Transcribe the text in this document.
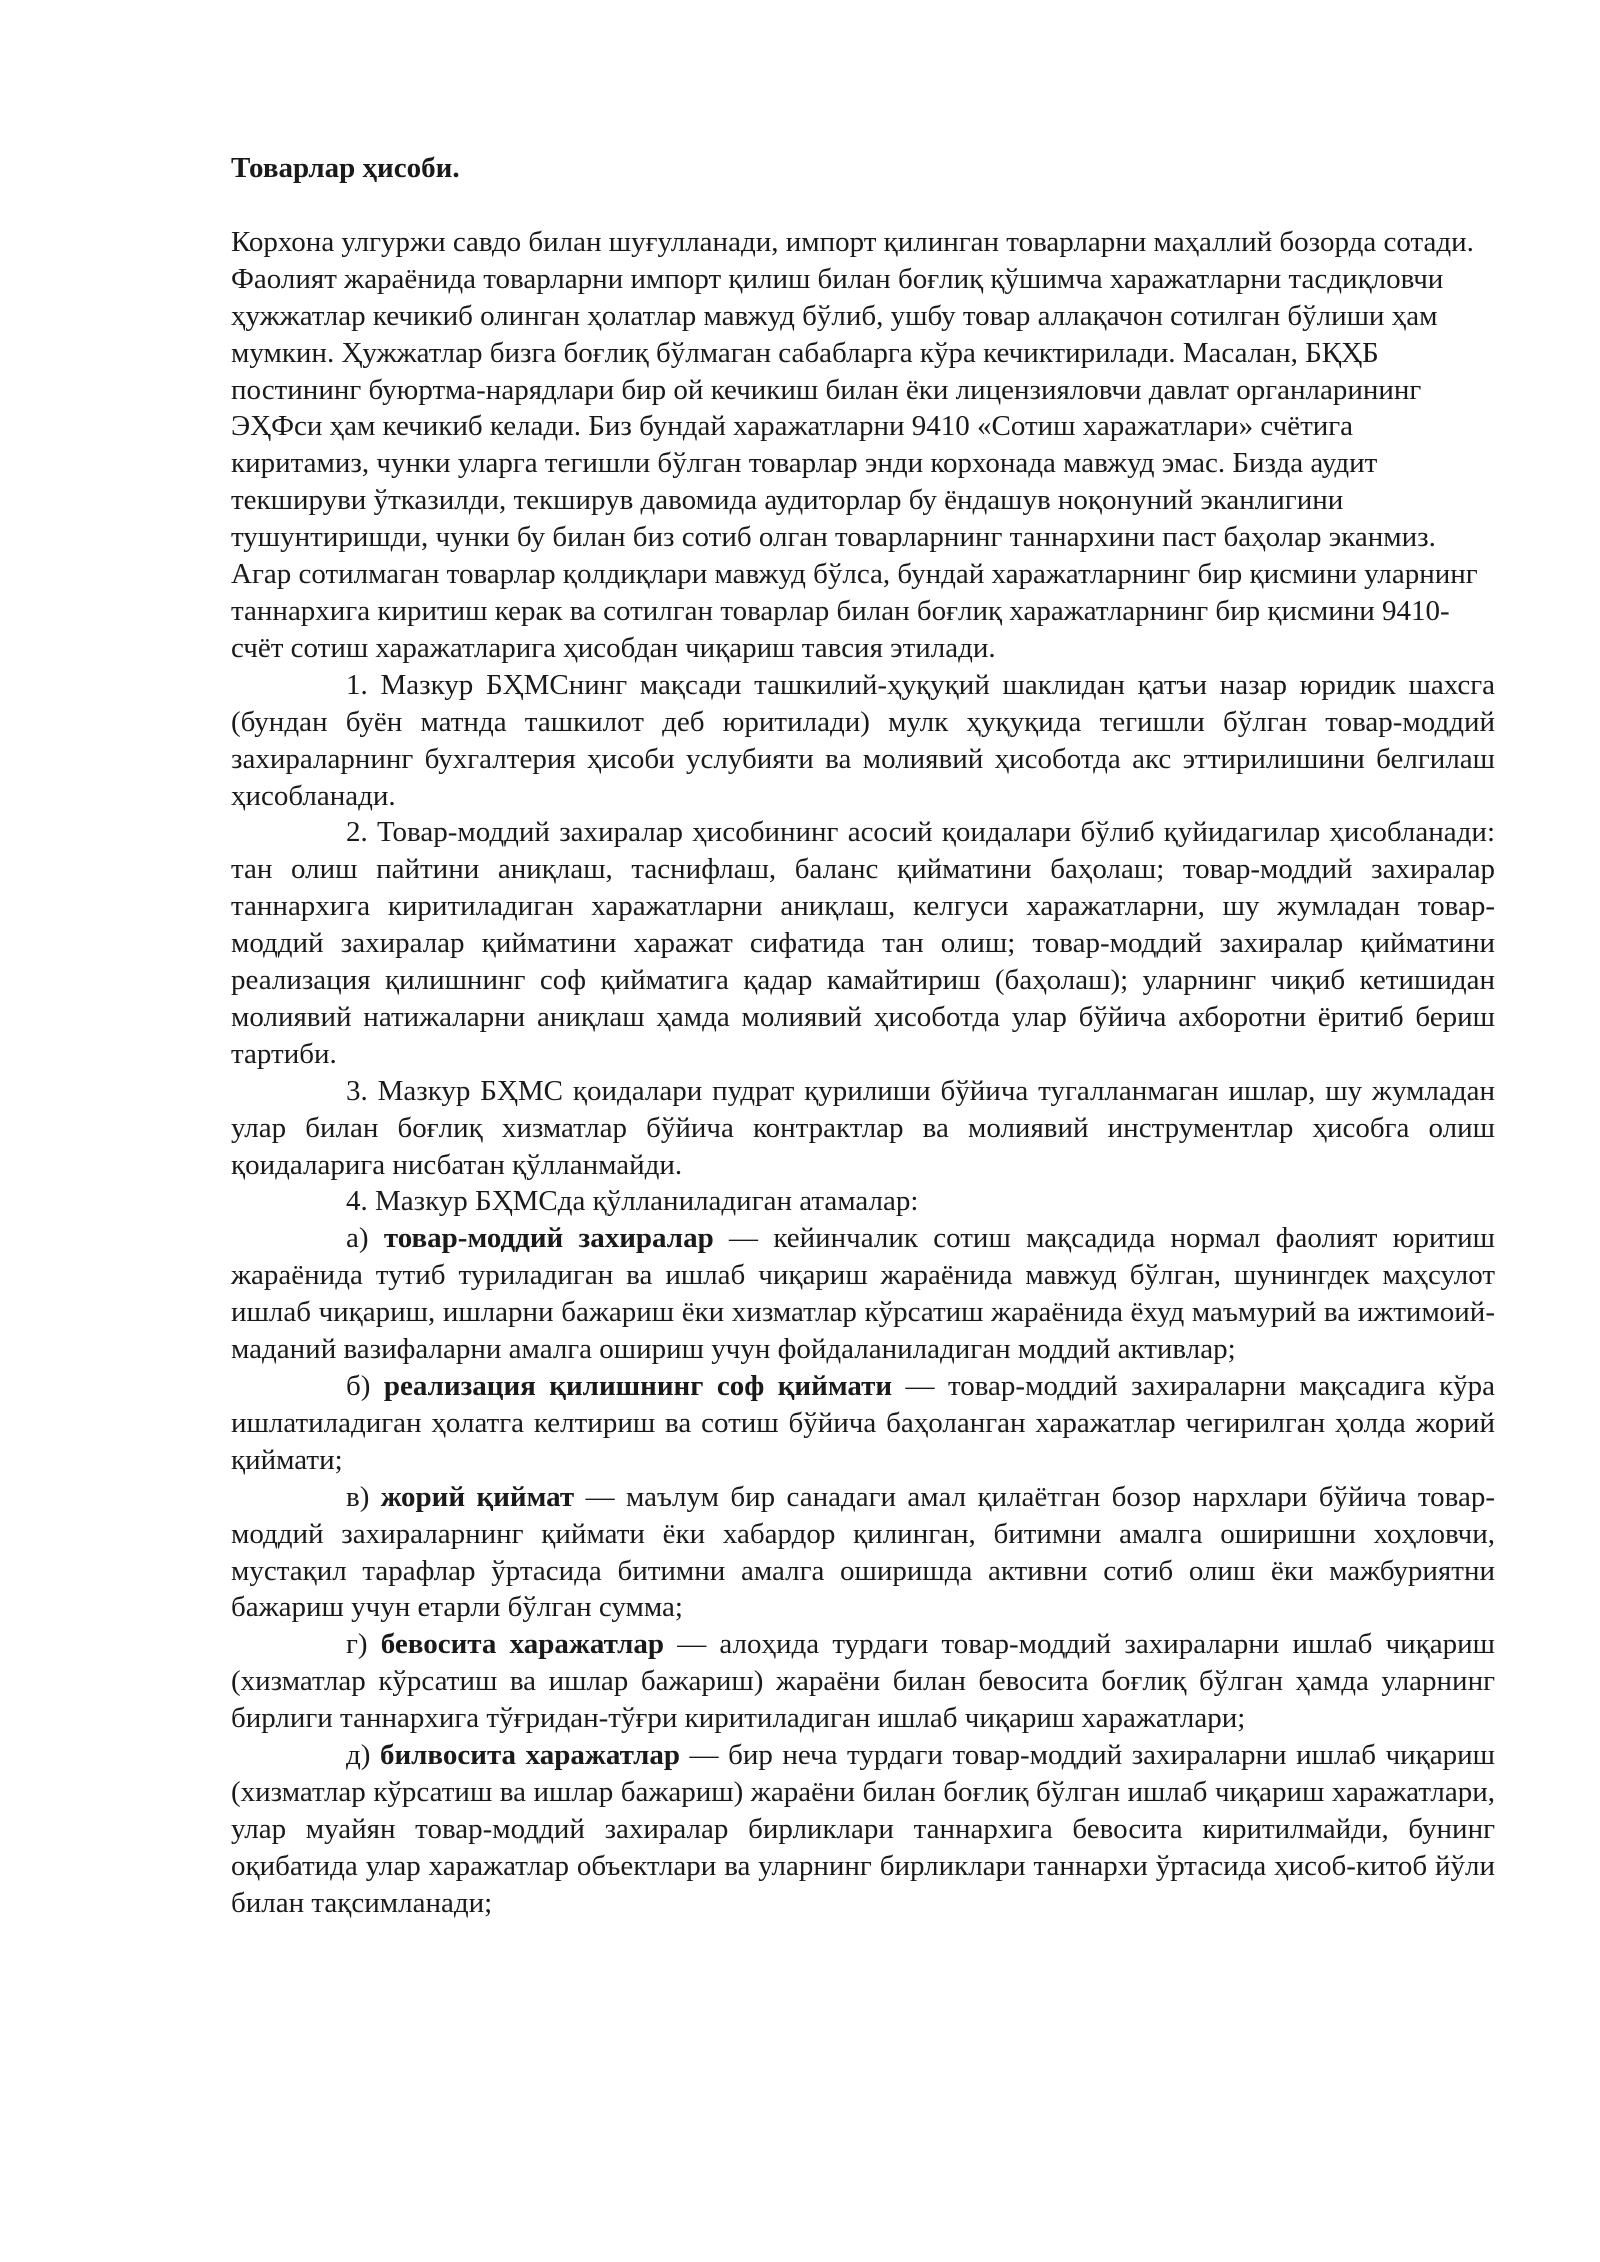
Товарлар ҳисоби.

Корхона улгуржи савдо билан шуғулланади, импорт қилинган товарларни маҳаллий бозорда сотади. Фаолият жараёнида товарларни импорт қилиш билан боғлиқ қўшимча харажатларни тасдиқловчи ҳужжатлар кечикиб олинган ҳолатлар мавжуд бўлиб, ушбу товар аллақачон сотилган бўлиши ҳам мумкин. Ҳужжатлар бизга боғлиқ бўлмаган сабабларга кўра кечиктирилади. Масалан, БҚҲБ постининг буюртма-нарядлари бир ой кечикиш билан ёки лицензияловчи давлат органларининг ЭҲФси ҳам кечикиб келади. Биз бундай харажатларни 9410 «Сотиш харажатлари» счётига киритамиз, чунки уларга тегишли бўлган товарлар энди корхонада мавжуд эмас. Бизда аудит текшируви ўтказилди, текширув давомида аудиторлар бу ёндашув ноқонуний эканлигини тушунтиришди, чунки бу билан биз сотиб олган товарларнинг таннархини паст баҳолар эканмиз.

Агар сотилмаган товарлар қолдиқлари мавжуд бўлса, бундай харажатларнинг бир қисмини уларнинг таннархига киритиш керак ва сотилган товарлар билан боғлиқ харажатларнинг бир қисмини 9410-счёт сотиш харажатларига ҳисобдан чиқариш тавсия этилади.

1. Мазкур БҲМСнинг мақсади ташкилий-ҳуқуқий шаклидан қатъи назар юридик шахсга (бундан буён матнда ташкилот деб юритилади) мулк ҳуқуқида тегишли бўлган товар-моддий захираларнинг бухгалтерия ҳисоби услубияти ва молиявий ҳисоботда акс эттирилишини белгилаш ҳисобланади.

2. Товар-моддий захиралар ҳисобининг асосий қоидалари бўлиб қуйидагилар ҳисобланади: тан олиш пайтини аниқлаш, таснифлаш, баланс қийматини баҳолаш; товар-моддий захиралар таннархига киритиладиган харажатларни аниқлаш, келгуси харажатларни, шу жумладан товар-моддий захиралар қийматини харажат сифатида тан олиш; товар-моддий захиралар қийматини реализация қилишнинг соф қийматига қадар камайтириш (баҳолаш); уларнинг чиқиб кетишидан молиявий натижаларни аниқлаш ҳамда молиявий ҳисоботда улар бўйича ахборотни ёритиб бериш тартиби.

3. Мазкур БҲМС қоидалари пудрат қурилиши бўйича тугалланмаган ишлар, шу жумладан улар билан боғлиқ хизматлар бўйича контрактлар ва молиявий инструментлар ҳисобга олиш қоидаларига нисбатан қўлланмайди.

4. Мазкур БҲМСда қўлланиладиган атамалар:

а) товар-моддий захиралар — кейинчалик сотиш мақсадида нормал фаолият юритиш жараёнида тутиб туриладиган ва ишлаб чиқариш жараёнида мавжуд бўлган, шунингдек маҳсулот ишлаб чиқариш, ишларни бажариш ёки хизматлар кўрсатиш жараёнида ёхуд маъмурий ва ижтимоий-маданий вазифаларни амалга ошириш учун фойдаланиладиган моддий активлар;

б) реализация қилишнинг соф қиймати — товар-моддий захираларни мақсадига кўра ишлатиладиган ҳолатга келтириш ва сотиш бўйича баҳоланган харажатлар чегирилган ҳолда жорий қиймати;

в) жорий қиймат — маълум бир санадаги амал қилаётган бозор нархлари бўйича товар-моддий захираларнинг қиймати ёки хабардор қилинган, битимни амалга оширишни хоҳловчи, мустақил тарафлар ўртасида битимни амалга оширишда активни сотиб олиш ёки мажбуриятни бажариш учун етарли бўлган сумма;

г) бевосита харажатлар — алоҳида турдаги товар-моддий захираларни ишлаб чиқариш (хизматлар кўрсатиш ва ишлар бажариш) жараёни билан бевосита боғлиқ бўлган ҳамда уларнинг бирлиги таннархига тўғридан-тўғри киритиладиган ишлаб чиқариш харажатлари;

д) билвосита харажатлар — бир неча турдаги товар-моддий захираларни ишлаб чиқариш (хизматлар кўрсатиш ва ишлар бажариш) жараёни билан боғлиқ бўлган ишлаб чиқариш харажатлари, улар муайян товар-моддий захиралар бирликлари таннархига бевосита киритилмайди, бунинг оқибатида улар харажатлар объектлари ва уларнинг бирликлари таннархи ўртасида ҳисоб-китоб йўли билан тақсимланади;
